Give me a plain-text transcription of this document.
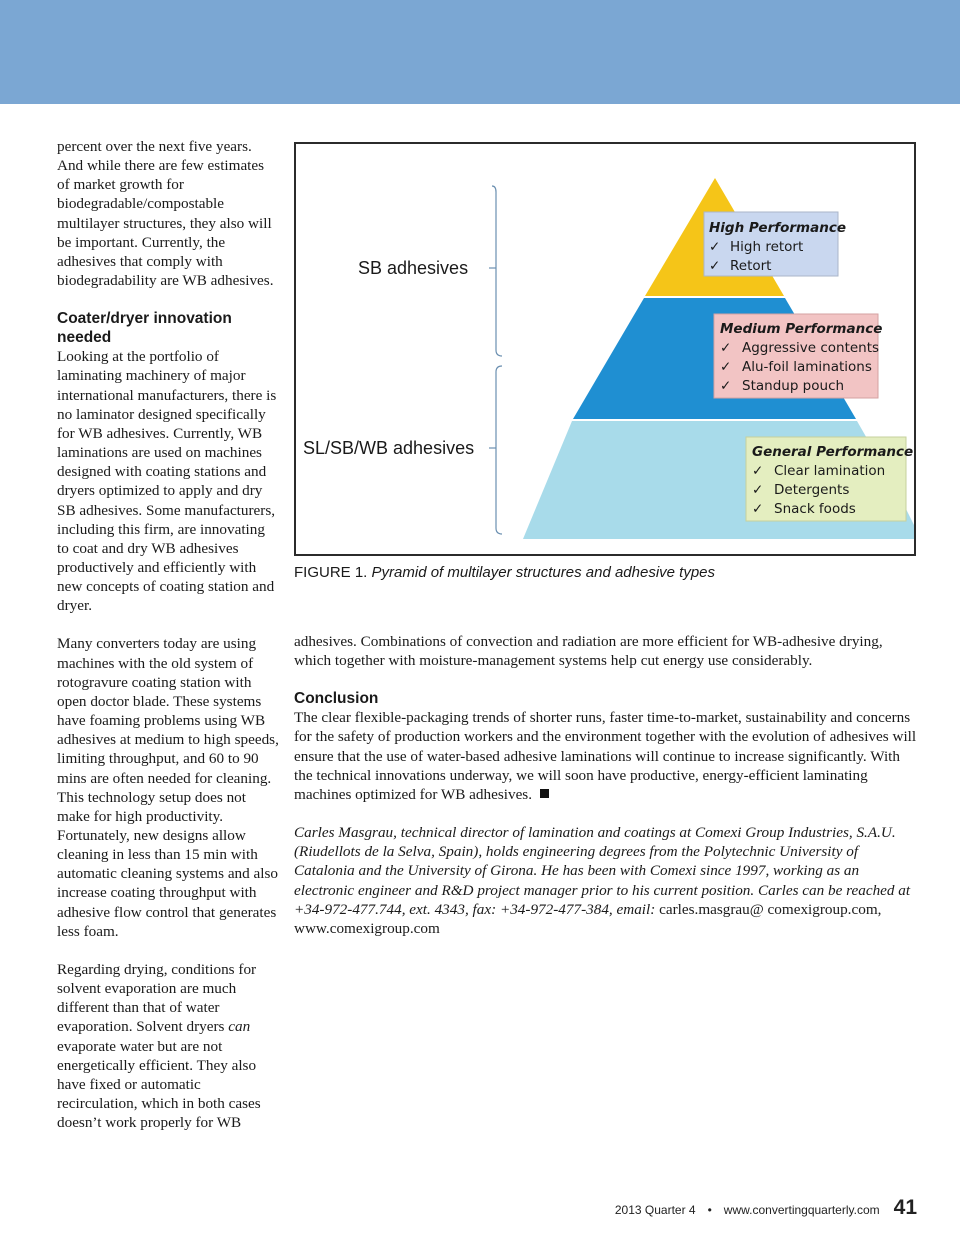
percent over the next five years. And while there are few estimates of market growth for biodegradable/compostable multilayer structures, they also will be important. Currently, the adhesives that comply with biodegradability are WB adhesives.

Coater/dryer innovation needed

Looking at the portfolio of laminating machinery of major international manufacturers, there is no laminator designed specifically for WB adhesives. Currently, WB laminations are used on machines designed with coating stations and dryers optimized to apply and dry SB adhesives. Some manufacturers, including this firm, are innovating to coat and dry WB adhesives productively and efficiently with new concepts of coating station and dryer.

Many converters today are using machines with the old system of rotogravure coating station with open doctor blade. These systems have foaming problems using WB adhesives at medium to high speeds, limiting throughput, and 60 to 90 mins are often needed for cleaning. This technology setup does not make for high productivity. Fortunately, new designs allow cleaning in less than 15 min with automatic cleaning systems and also increase coating throughput with adhesive flow control that generates less foam.

Regarding drying, conditions for solvent evaporation are much different than that of water evaporation. Solvent dryers can evaporate water but are not energetically efficient. They also have fixed or automatic recirculation, which in both cases doesn’t work properly for WB

SB adhesives
SL/SB/WB adhesives
High Performance
✓ High retort
✓ Retort
Medium Performance
✓ Aggressive contents
✓ Alu-foil laminations
✓ Standup pouch
General Performance
✓ Clear lamination
✓ Detergents
✓ Snack foods
FIGURE 1. Pyramid of multilayer structures and adhesive types

adhesives. Combinations of convection and radiation are more efficient for WB-adhesive drying, which together with moisture-management systems help cut energy use considerably.

Conclusion

The clear flexible-packaging trends of shorter runs, faster time-to-market, sustainability and concerns for the safety of production workers and the environment together with the evolution of adhesives will ensure that the use of water-based adhesive laminations will continue to increase significantly. With the technical innovations underway, we will soon have productive, energy-efficient laminating machines optimized for WB adhesives.

Carles Masgrau, technical director of lamination and coatings at Comexi Group Industries, S.A.U. (Riudellots de la Selva, Spain), holds engineering degrees from the Polytechnic University of Catalonia and the University of Girona. He has been with Comexi since 1997, working as an electronic engineer and R&D project manager prior to his current position. Carles can be reached at +34-972-477.744, ext. 4343, fax: +34-972-477-384, email: carles.masgrau@ comexigroup.com, www.comexigroup.com

2013 Quarter 4 • www.convertingquarterly.com 41
